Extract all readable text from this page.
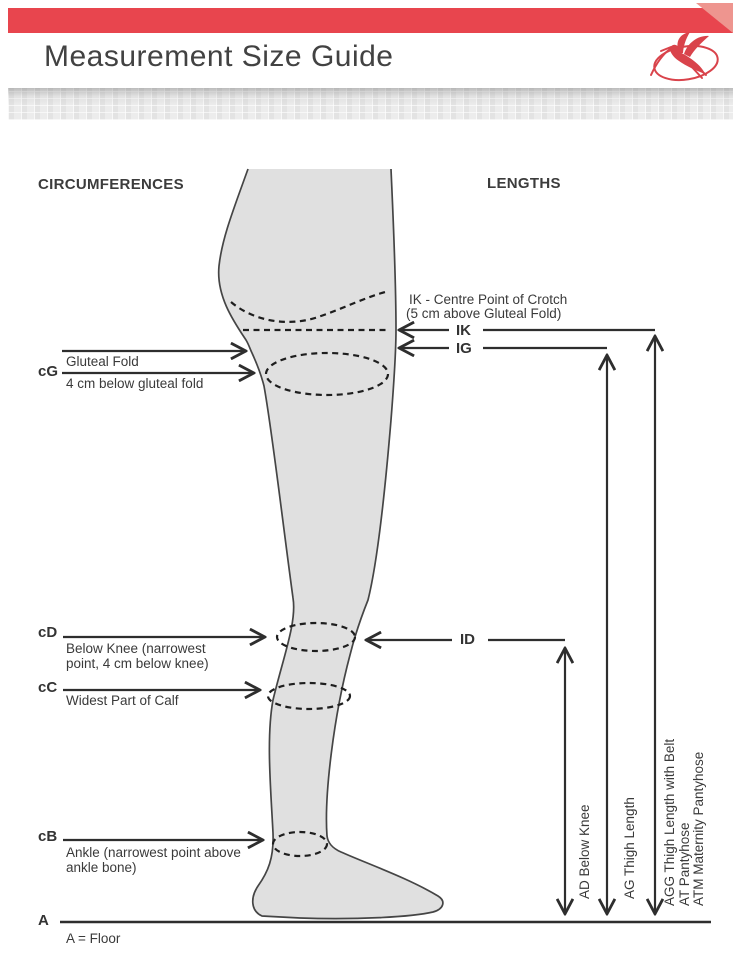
Measurement Size Guide
CIRCUMFERENCES	LENGTHS
cG
Gluteal Fold
4 cm below gluteal fold
cD
Below Knee (narrowest point, 4 cm below knee)
cC
Widest Part of Calf
cB
Ankle (narrowest point above ankle bone)
A
A = Floor
IK - Centre Point of Crotch
(5 cm above Gluteal Fold)
IK
IG
ID
AD Below Knee AG Thigh Length AGG Thigh Length with Belt AT Pantyhose ATM Maternity Pantyhose
